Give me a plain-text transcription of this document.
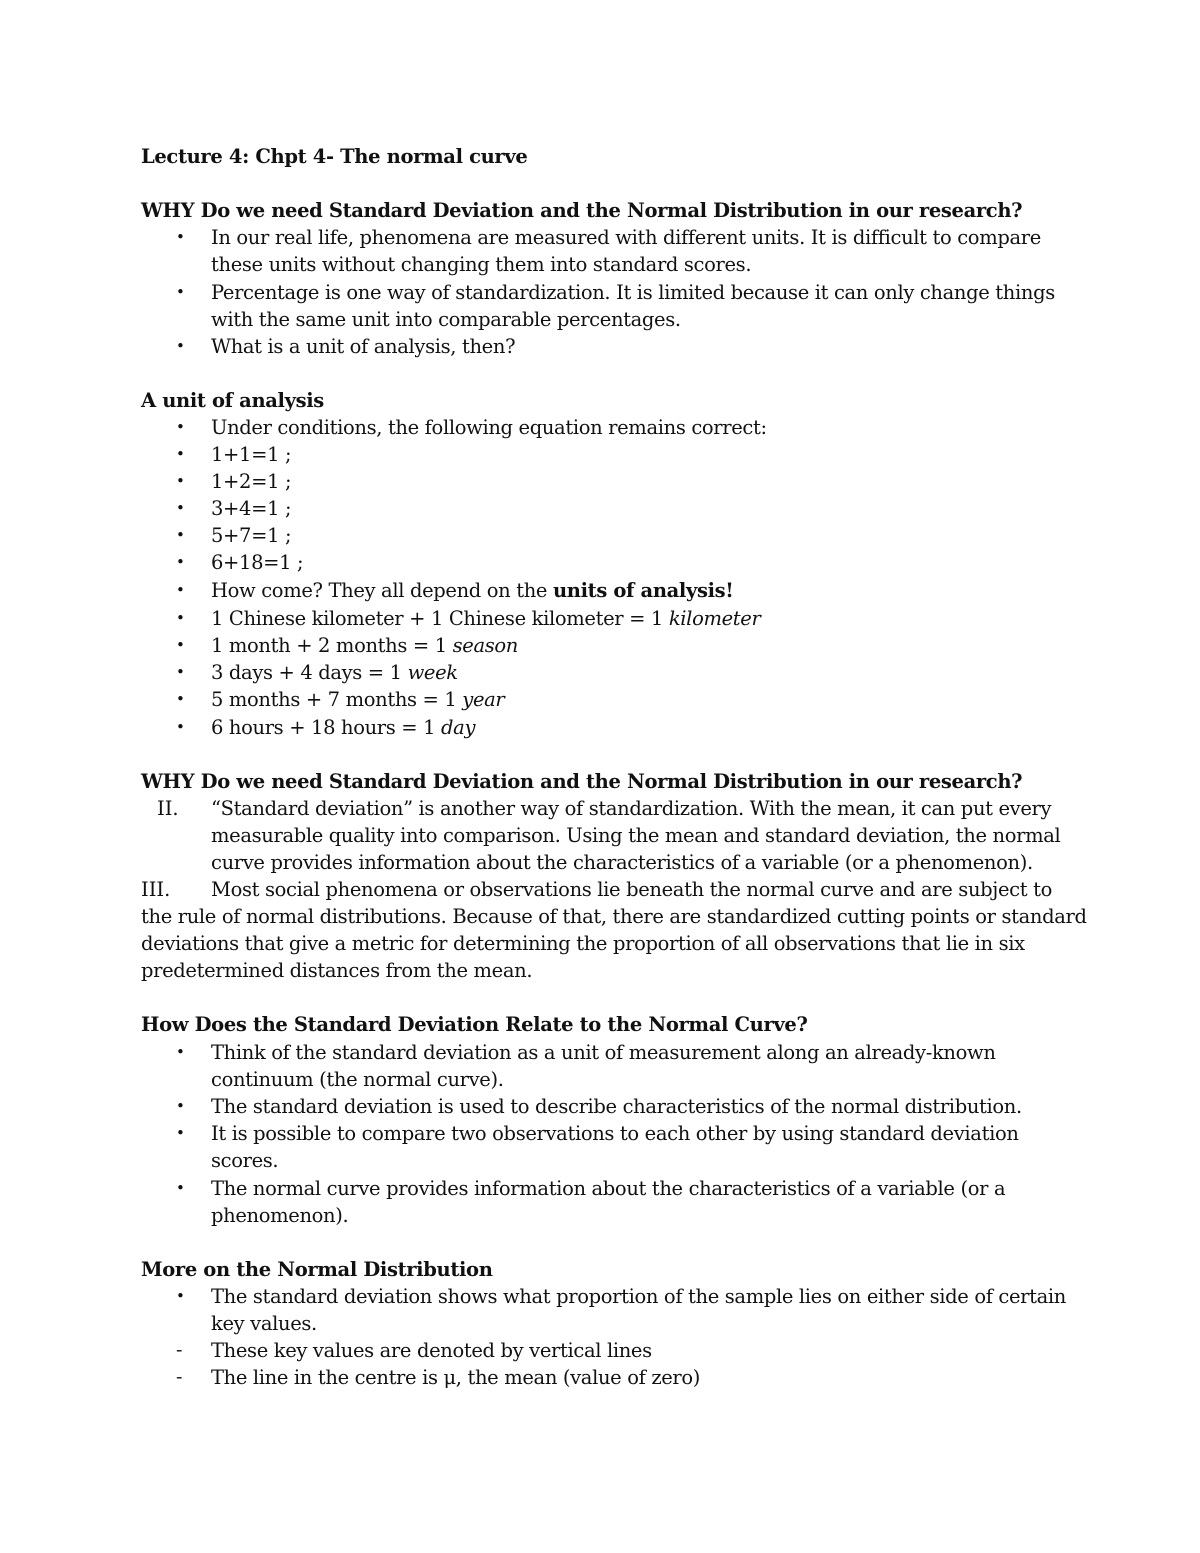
Lecture 4: Chpt 4- The normal curve
WHY Do we need Standard Deviation and the Normal Distribution in our research?
• In our real life, phenomena are measured with different units. It is difficult to compare
these units without changing them into standard scores.
• Percentage is one way of standardization. It is limited because it can only change things
with the same unit into comparable percentages.
• What is a unit of analysis, then?
A unit of analysis
• Under conditions, the following equation remains correct:
• 1+1=1 ;
• 1+2=1 ;
• 3+4=1 ;
• 5+7=1 ;
• 6+18=1 ;
• How come? They all depend on the units of analysis!
• 1 Chinese kilometer + 1 Chinese kilometer = 1 kilometer
• 1 month + 2 months = 1 season
• 3 days + 4 days = 1 week
• 5 months + 7 months = 1 year
• 6 hours + 18 hours = 1 day
WHY Do we need Standard Deviation and the Normal Distribution in our research?
II. “Standard deviation” is another way of standardization. With the mean, it can put every
measurable quality into comparison. Using the mean and standard deviation, the normal
curve provides information about the characteristics of a variable (or a phenomenon).
III. Most social phenomena or observations lie beneath the normal curve and are subject to
the rule of normal distributions. Because of that, there are standardized cutting points or standard
deviations that give a metric for determining the proportion of all observations that lie in six
predetermined distances from the mean.
How Does the Standard Deviation Relate to the Normal Curve?
• Think of the standard deviation as a unit of measurement along an already-known
continuum (the normal curve).
• The standard deviation is used to describe characteristics of the normal distribution.
• It is possible to compare two observations to each other by using standard deviation
scores.
• The normal curve provides information about the characteristics of a variable (or a
phenomenon).
More on the Normal Distribution
• The standard deviation shows what proportion of the sample lies on either side of certain
key values.
- These key values are denoted by vertical lines
- The line in the centre is μ, the mean (value of zero)
